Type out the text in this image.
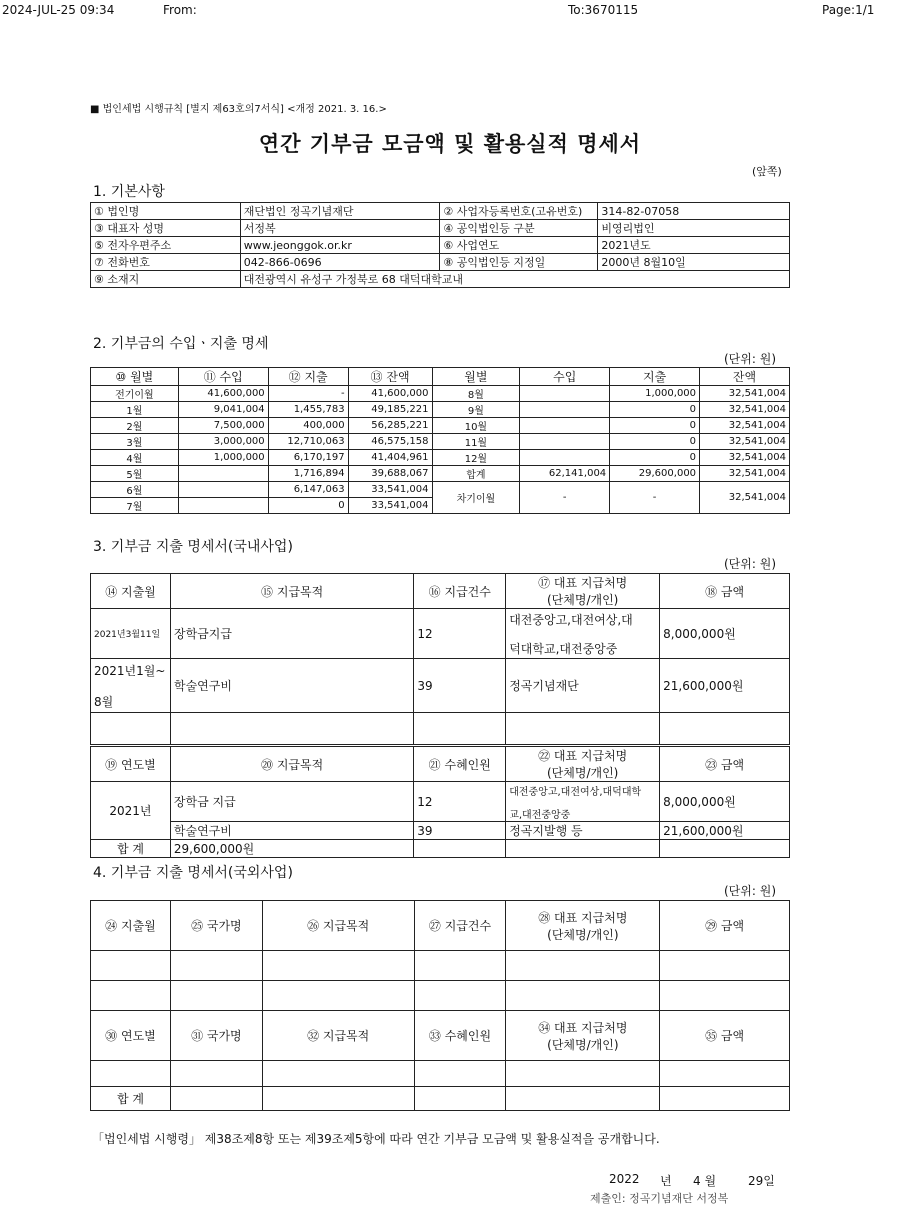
2024-JUL-25 09:34	From:	To:3670115	Page:1/1
■ 법인세법 시행규칙 [별지 제63호의7서식] <개정 2021. 3. 16.>
연간 기부금 모금액 및 활용실적 명세서
(앞쪽)
1. 기본사항
① 법인명	재단법인 정곡기념재단	② 사업자등록번호(고유번호)	314-82-07058
③ 대표자 성명	서정복	④ 공익법인등 구분	비영리법인
⑤ 전자우편주소	www.jeonggok.or.kr	⑥ 사업연도	2021년도
⑦ 전화번호	042-866-0696	⑧ 공익법인등 지정일	2000년 8월10일
⑨ 소재지	대전광역시 유성구 가정북로 68 대덕대학교내		
2. 기부금의 수입ㆍ지출 명세
(단위: 원)
⑩ 월별	⑪ 수입	⑫ 지출	⑬ 잔액	월별	수입	지출	잔액
전기이월	41,600,000	-	41,600,000	8월		1,000,000	32,541,004
1월	9,041,004	1,455,783	49,185,221	9월		0	32,541,004
2월	7,500,000	400,000	56,285,221	10월		0	32,541,004
3월	3,000,000	12,710,063	46,575,158	11월		0	32,541,004
4월	1,000,000	6,170,197	41,404,961	12월		0	32,541,004
5월		1,716,894	39,688,067	합계	62,141,004	29,600,000	32,541,004
6월		6,147,063	33,541,004	차기이월	-	-	32,541,004
7월		0	33,541,004				
3. 기부금 지출 명세서(국내사업)
(단위: 원)
⑭ 지출월	⑮ 지급목적	⑯ 지급건수	⑰ 대표 지급처명
(단체명/개인)	⑱ 금액
2021년3월11일	장학금지급	12	대전중앙고,대전여상,대
덕대학교,대전중앙중	8,000,000원

2021년1월~
8월	학술연구비	39	정곡기념재단	21,600,000원

⑲ 연도별	⑳ 지급목적	㉑ 수혜인원	㉒ 대표 지급처명
(단체명/개인)	㉓ 금액
2021년	장학금 지급	12	대전중앙고,대전여상,대덕대학
교,대전중앙중	8,000,000원
	학술연구비	39	정곡지발행 등	21,600,000원
합 계	29,600,000원			
4. 기부금 지출 명세서(국외사업)
(단위: 원)
㉔ 지출월	㉕ 국가명	㉖ 지급목적	㉗ 지급건수	㉘ 대표 지급처명
(단체명/개인)	㉙ 금액

㉚ 연도별	㉛ 국가명	㉜ 지급목적	㉝ 수혜인원	㉞ 대표 지급처명
(단체명/개인)	㉟ 금액

합 계					
「법인세법 시행령」 제38조제8항 또는 제39조제5항에 따라 연간 기부금 모금액 및 활용실적을 공개합니다.
2022 년 4 월	29일
제출인: 정곡기념재단 서정복
